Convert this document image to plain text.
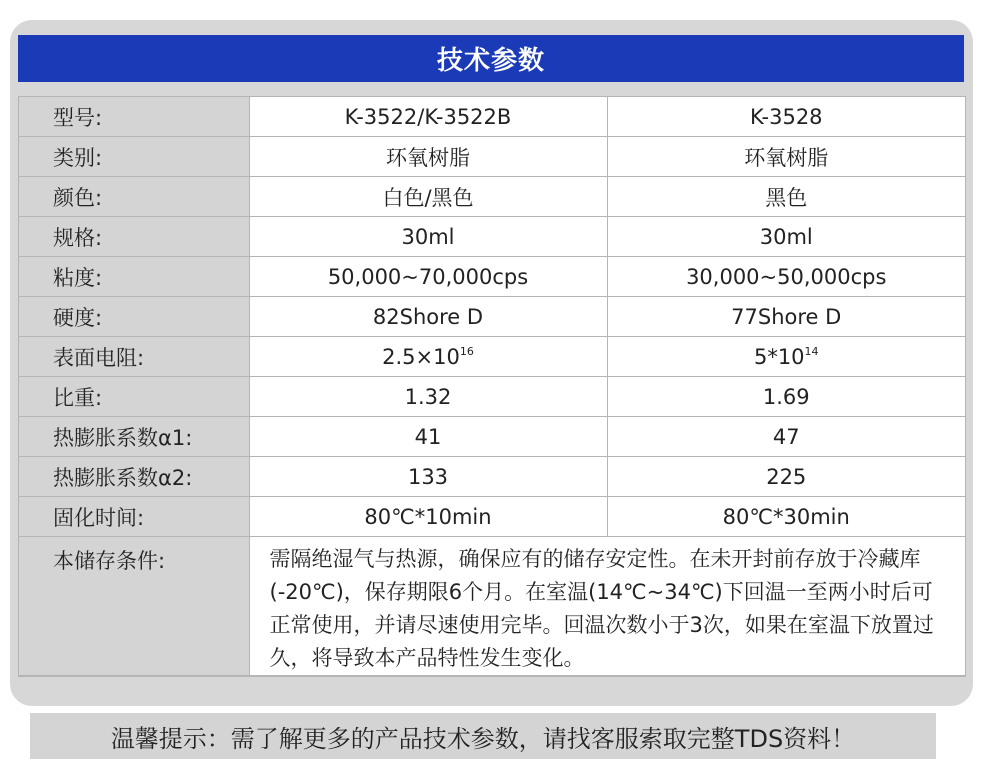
技术参数
型号:	K-3522/K-3522B	K-3528
类别:	环氧树脂	环氧树脂
颜色:	白色/黑色	黑色
规格:	30ml	30ml
粘度:	50,000~70,000cps	30,000~50,000cps
硬度:	82Shore D	77Shore D
表面电阻:	$2.5\times 10^{16}$	$5*10^{14}$
比重:	1.32	1.69
热膨胀系数α1:	41	47
热膨胀系数α2:	133	225
固化时间:	80℃*10min	80℃*30min
本储存条件:	需隔绝湿气与热源，确保应有的储存安定性。在未开封前存放于冷藏库(-20℃)，保存期限6个月。在室温(14℃~34℃)下回温一至两小时后可正常使用，并请尽速使用完毕。回温次数小于3次，如果在室温下放置过久，将导致本产品特性发生变化。	
温馨提示：需了解更多的产品技术参数，请找客服索取完整TDS资料！
